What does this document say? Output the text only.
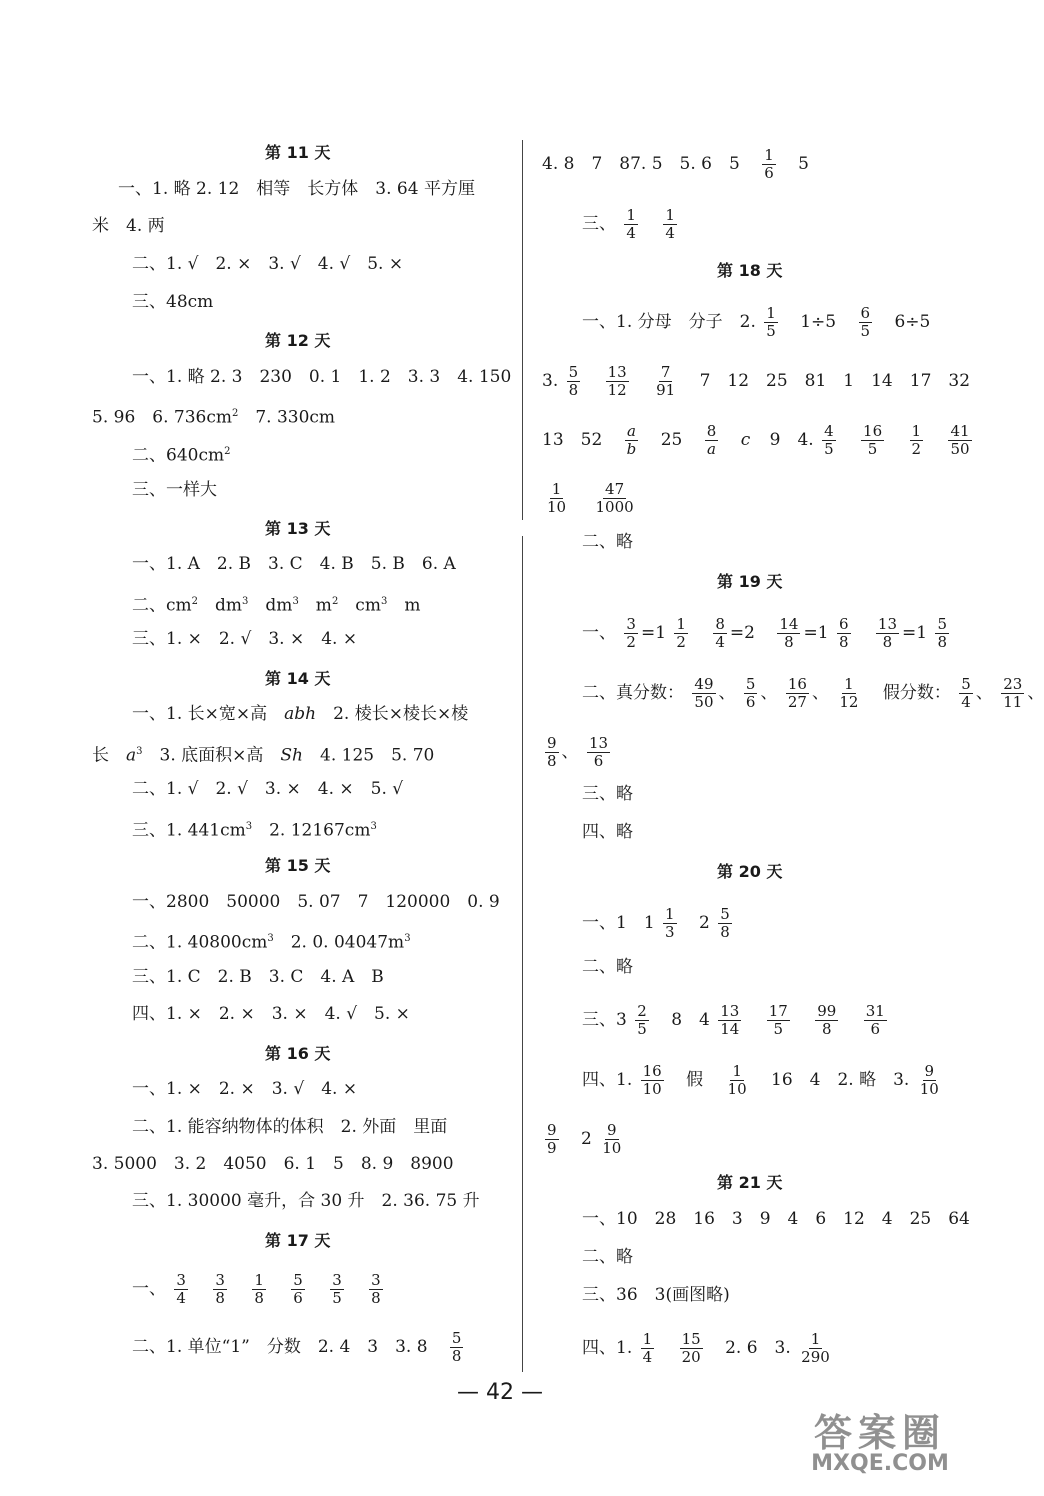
第 11 天
一、1. 略 2. 12　相等　长方体　3. 64 平方厘
米　4. 两
二、1. √　2. ×　3. √　4. √　5. ×
三、48cm
第 12 天
一、1. 略 2. 3　230　0. 1　1. 2　3. 3　4. 150
5. 96　6. $736cm^2$　7. 330cm
二、$640cm^2$
三、一样大
第 13 天
一、1. A　2. B　3. C　4. B　5. B　6. A
二、$cm^2$　$dm^3$　$dm^3$　$m^2$　$cm^3$　m
三、1. ×　2. √　3. ×　4. ×
第 14 天
一、1. 长×宽×高　abh　2. 棱长×棱长×棱
长　$a^3$　3. 底面积×高　Sh　4. 125　5. 70
二、1. √　2. √　3. ×　4. ×　5. √
三、1. $441cm^3$　2. $12167cm^3$
第 15 天
一、2800　50000　5. 07　7　120000　0. 9
二、1. $40800cm^3$　2. 0. $04047m^3$
三、1. C　2. B　3. C　4. A　B
四、1. ×　2. ×　3. ×　4. √　5. ×
第 16 天
一、1. ×　2. ×　3. √　4. ×
二、1. 能容纳物体的体积　2. 外面　里面
3. 5000　3. 2　4050　6. 1　5　8. 9　8900
三、1. 30000 毫升，合 30 升　2. 36. 75 升
第 17 天
一、 $\frac{3}{4}$
$\frac{3}{8}$
$\frac{1}{8}$
$\frac{5}{6}$
$\frac{3}{5}$
$\frac{3}{8}$
二、1. 单位“1”　分数　2. 4　3　3. $8 \frac{5}{8}$
4. 8　7　87. 5　5. 6　$5 \frac{1}{6} 5$
三、 $\frac{1}{4}$
$\frac{1}{4}$
第 18 天
一、1. 分母　分子　2. $\frac{1}{5} 1\div 5 \frac{6}{5} 6\div 5$
3. $\frac{5}{8}$
$\frac{13}{12}$
$\frac{7}{91} 7$　12　25　81　1　14　17　32
13　$52 \frac{a}{b} 25 \frac{8}{a}$ c 9　4. $\frac{4}{5}$
$\frac{16}{5}$
$\frac{1}{2}$
$\frac{41}{50}$
$\frac{1}{10}$
$\frac{47}{1000}$
二、略
第 19 天
一、 $\frac{3}{2} =1 \frac{1}{2}$
$\frac{8}{4} =2 \frac{14}{8} =1 \frac{6}{8}$
$\frac{13}{8} =1 \frac{5}{8}$
二、真分数： $\frac{49}{50}$ 、 $\frac{5}{6}$ 、 $\frac{16}{27}$ 、 $\frac{1}{12}$ 假分数： $\frac{5}{4}$ 、 $\frac{23}{11}$ 、
$\frac{9}{8}$ 、 $\frac{13}{6}$
三、略
四、略
第 20 天
一、1　$1 \frac{1}{3} 2 \frac{5}{8}$
二、略
三、$3 \frac{2}{5} 8$　$4 \frac{13}{14}$
$\frac{17}{5}$
$\frac{99}{8}$
$\frac{31}{6}$
四、1. $\frac{16}{10}$ 假 $\frac{1}{10} 16$　4　2. 略　3. $\frac{9}{10}$
$\frac{9}{9} 2 \frac{9}{10}$
第 21 天
一、10　28　16　3　9　4　6　12　4　25　64
二、略
三、36　3(画图略)
四、1. $\frac{1}{4}$
$\frac{15}{20} 2$. 6　3. $\frac{1}{290}$
— 42 —
答案圈
MXQE.COM
